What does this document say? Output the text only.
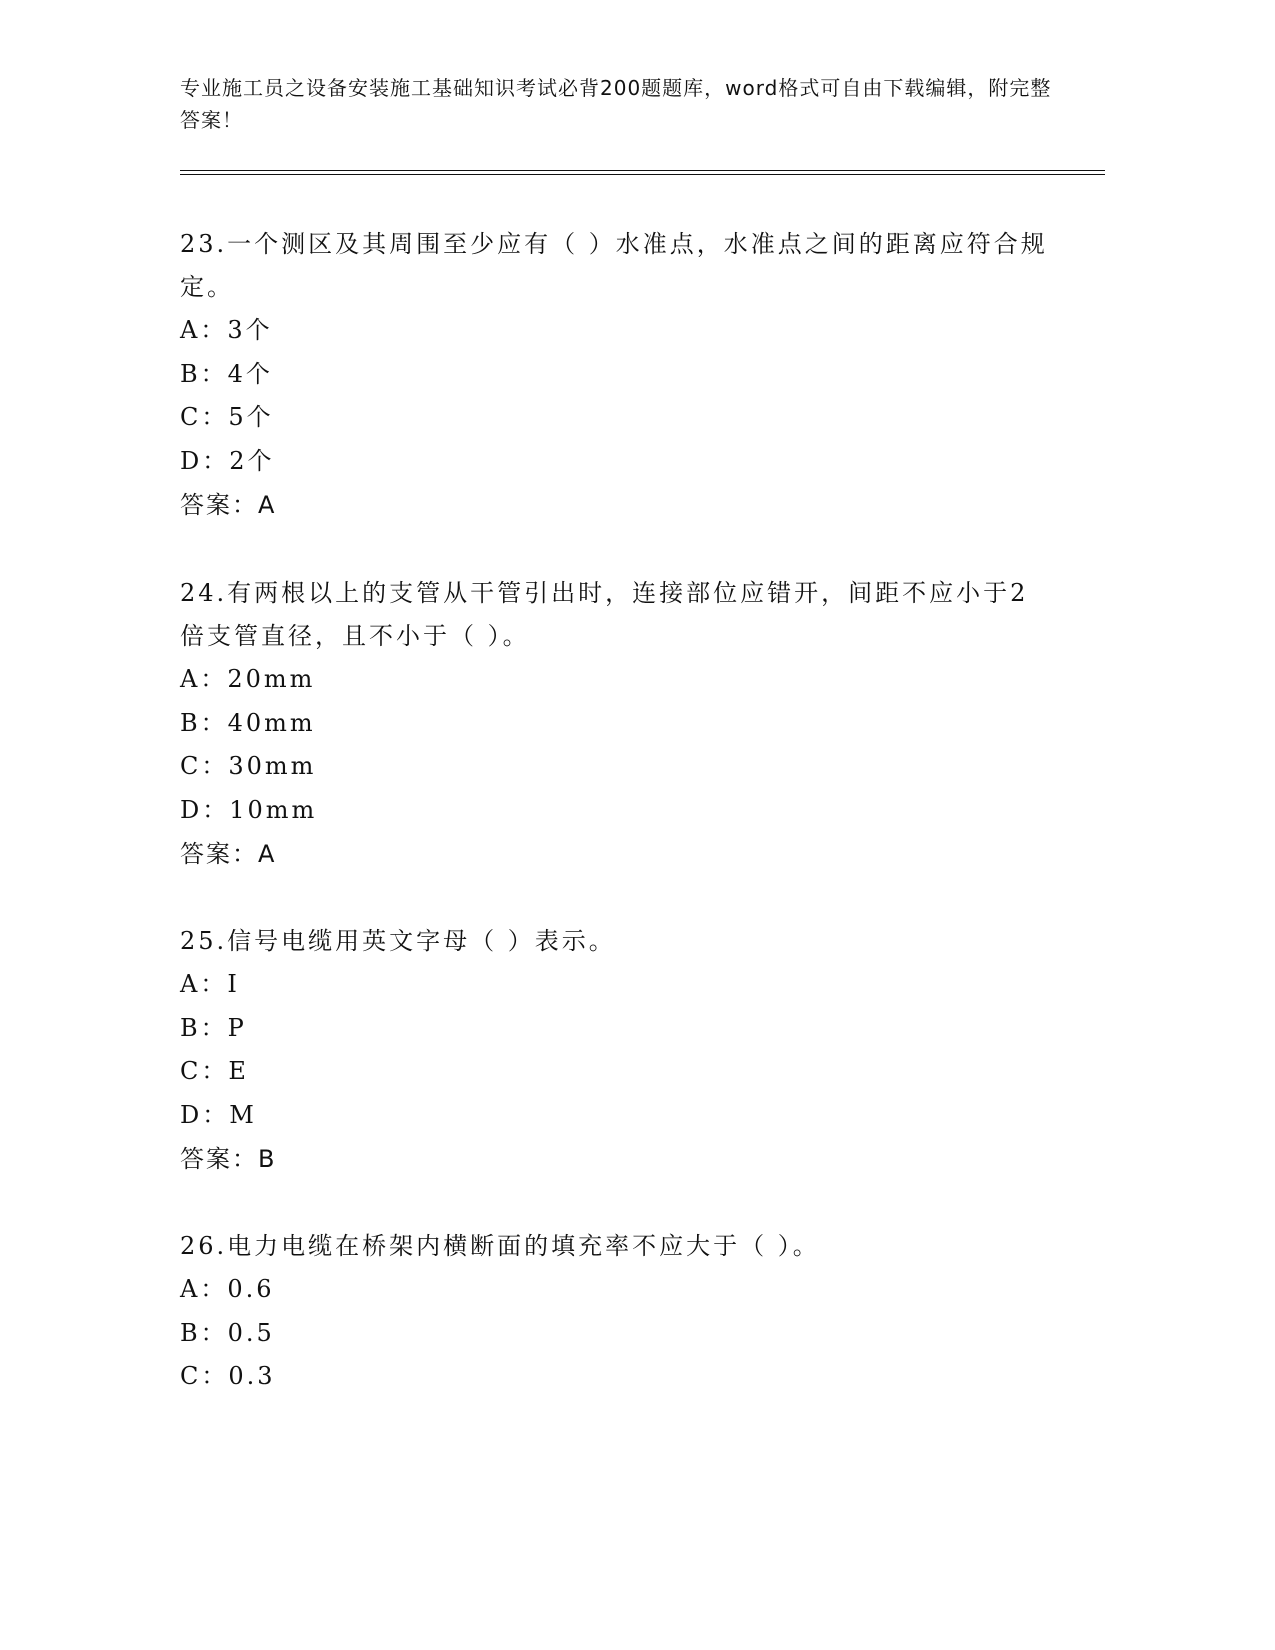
专业施工员之设备安装施工基础知识考试必背200题题库，word格式可自由下载编辑，附完整答案！

23.一个测区及其周围至少应有（ ）水准点，水准点之间的距离应符合规定。

A：3个

B：4个

C：5个

D：2个

答案：A

24.有两根以上的支管从干管引出时，连接部位应错开，间距不应小于2倍支管直径，且不小于（ ）。

A：20mm

B：40mm

C：30mm

D：10mm

答案：A

25.信号电缆用英文字母（ ）表示。

A：I

B：P

C：E

D：M

答案：B

26.电力电缆在桥架内横断面的填充率不应大于（ ）。

A：0.6

B：0.5

C：0.3
